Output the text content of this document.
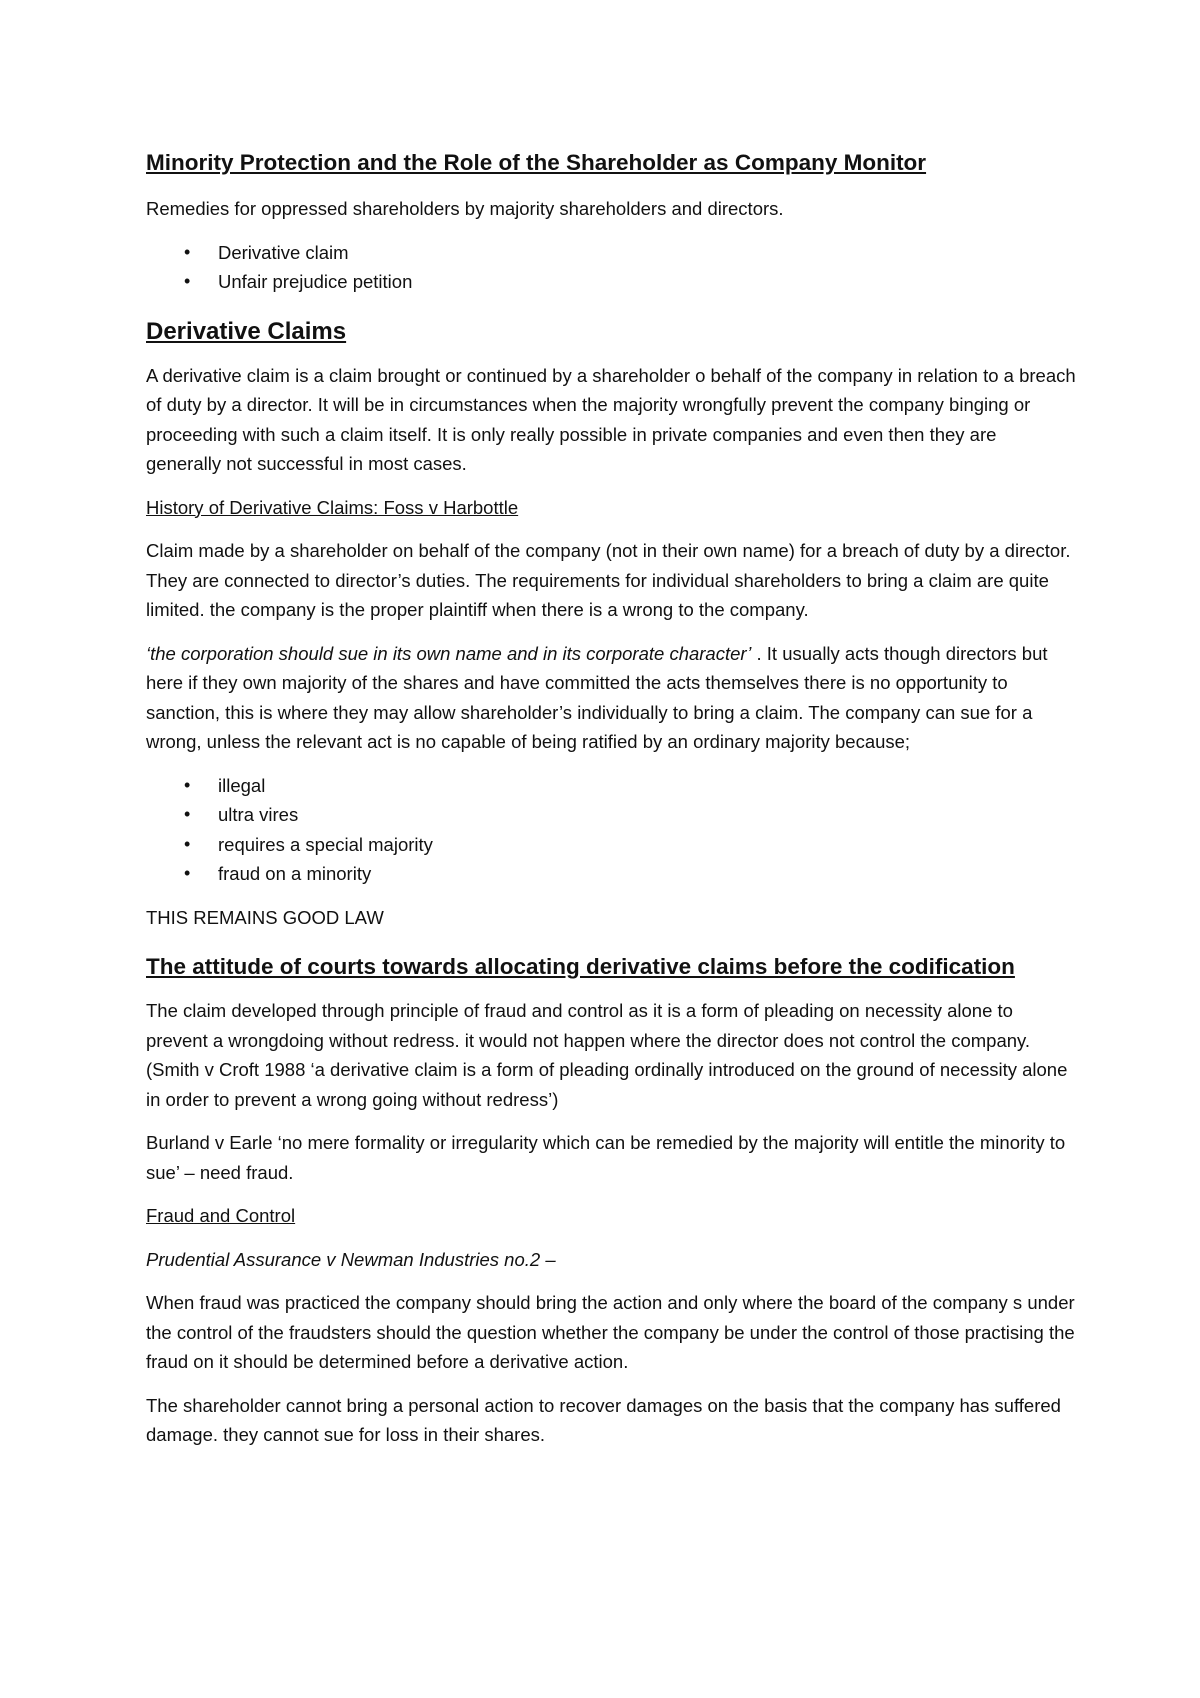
Minority Protection and the Role of the Shareholder as Company Monitor

Remedies for oppressed shareholders by majority shareholders and directors.

• Derivative claim
• Unfair prejudice petition
Derivative Claims

A derivative claim is a claim brought or continued by a shareholder o behalf of the company in relation to a breach of duty by a director. It will be in circumstances when the majority wrongfully prevent the company binging or proceeding with such a claim itself. It is only really possible in private companies and even then they are generally not successful in most cases.

History of Derivative Claims: Foss v Harbottle

Claim made by a shareholder on behalf of the company (not in their own name) for a breach of duty by a director. They are connected to director’s duties. The requirements for individual shareholders to bring a claim are quite limited. the company is the proper plaintiff when there is a wrong to the company.

‘the corporation should sue in its own name and in its corporate character’ . It usually acts though directors but here if they own majority of the shares and have committed the acts themselves there is no opportunity to sanction, this is where they may allow shareholder’s individually to bring a claim. The company can sue for a wrong, unless the relevant act is no capable of being ratified by an ordinary majority because;

• illegal
• ultra vires
• requires a special majority
• fraud on a minority

THIS REMAINS GOOD LAW

The attitude of courts towards allocating derivative claims before the codification

The claim developed through principle of fraud and control as it is a form of pleading on necessity alone to prevent a wrongdoing without redress. it would not happen where the director does not control the company. (Smith v Croft 1988 ‘a derivative claim is a form of pleading ordinally introduced on the ground of necessity alone in order to prevent a wrong going without redress’)

Burland v Earle ‘no mere formality or irregularity which can be remedied by the majority will entitle the minority to sue’ – need fraud.

Fraud and Control

Prudential Assurance v Newman Industries no.2 –

When fraud was practiced the company should bring the action and only where the board of the company s under the control of the fraudsters should the question whether the company be under the control of those practising the fraud on it should be determined before a derivative action.

The shareholder cannot bring a personal action to recover damages on the basis that the company has suffered damage. they cannot sue for loss in their shares.
